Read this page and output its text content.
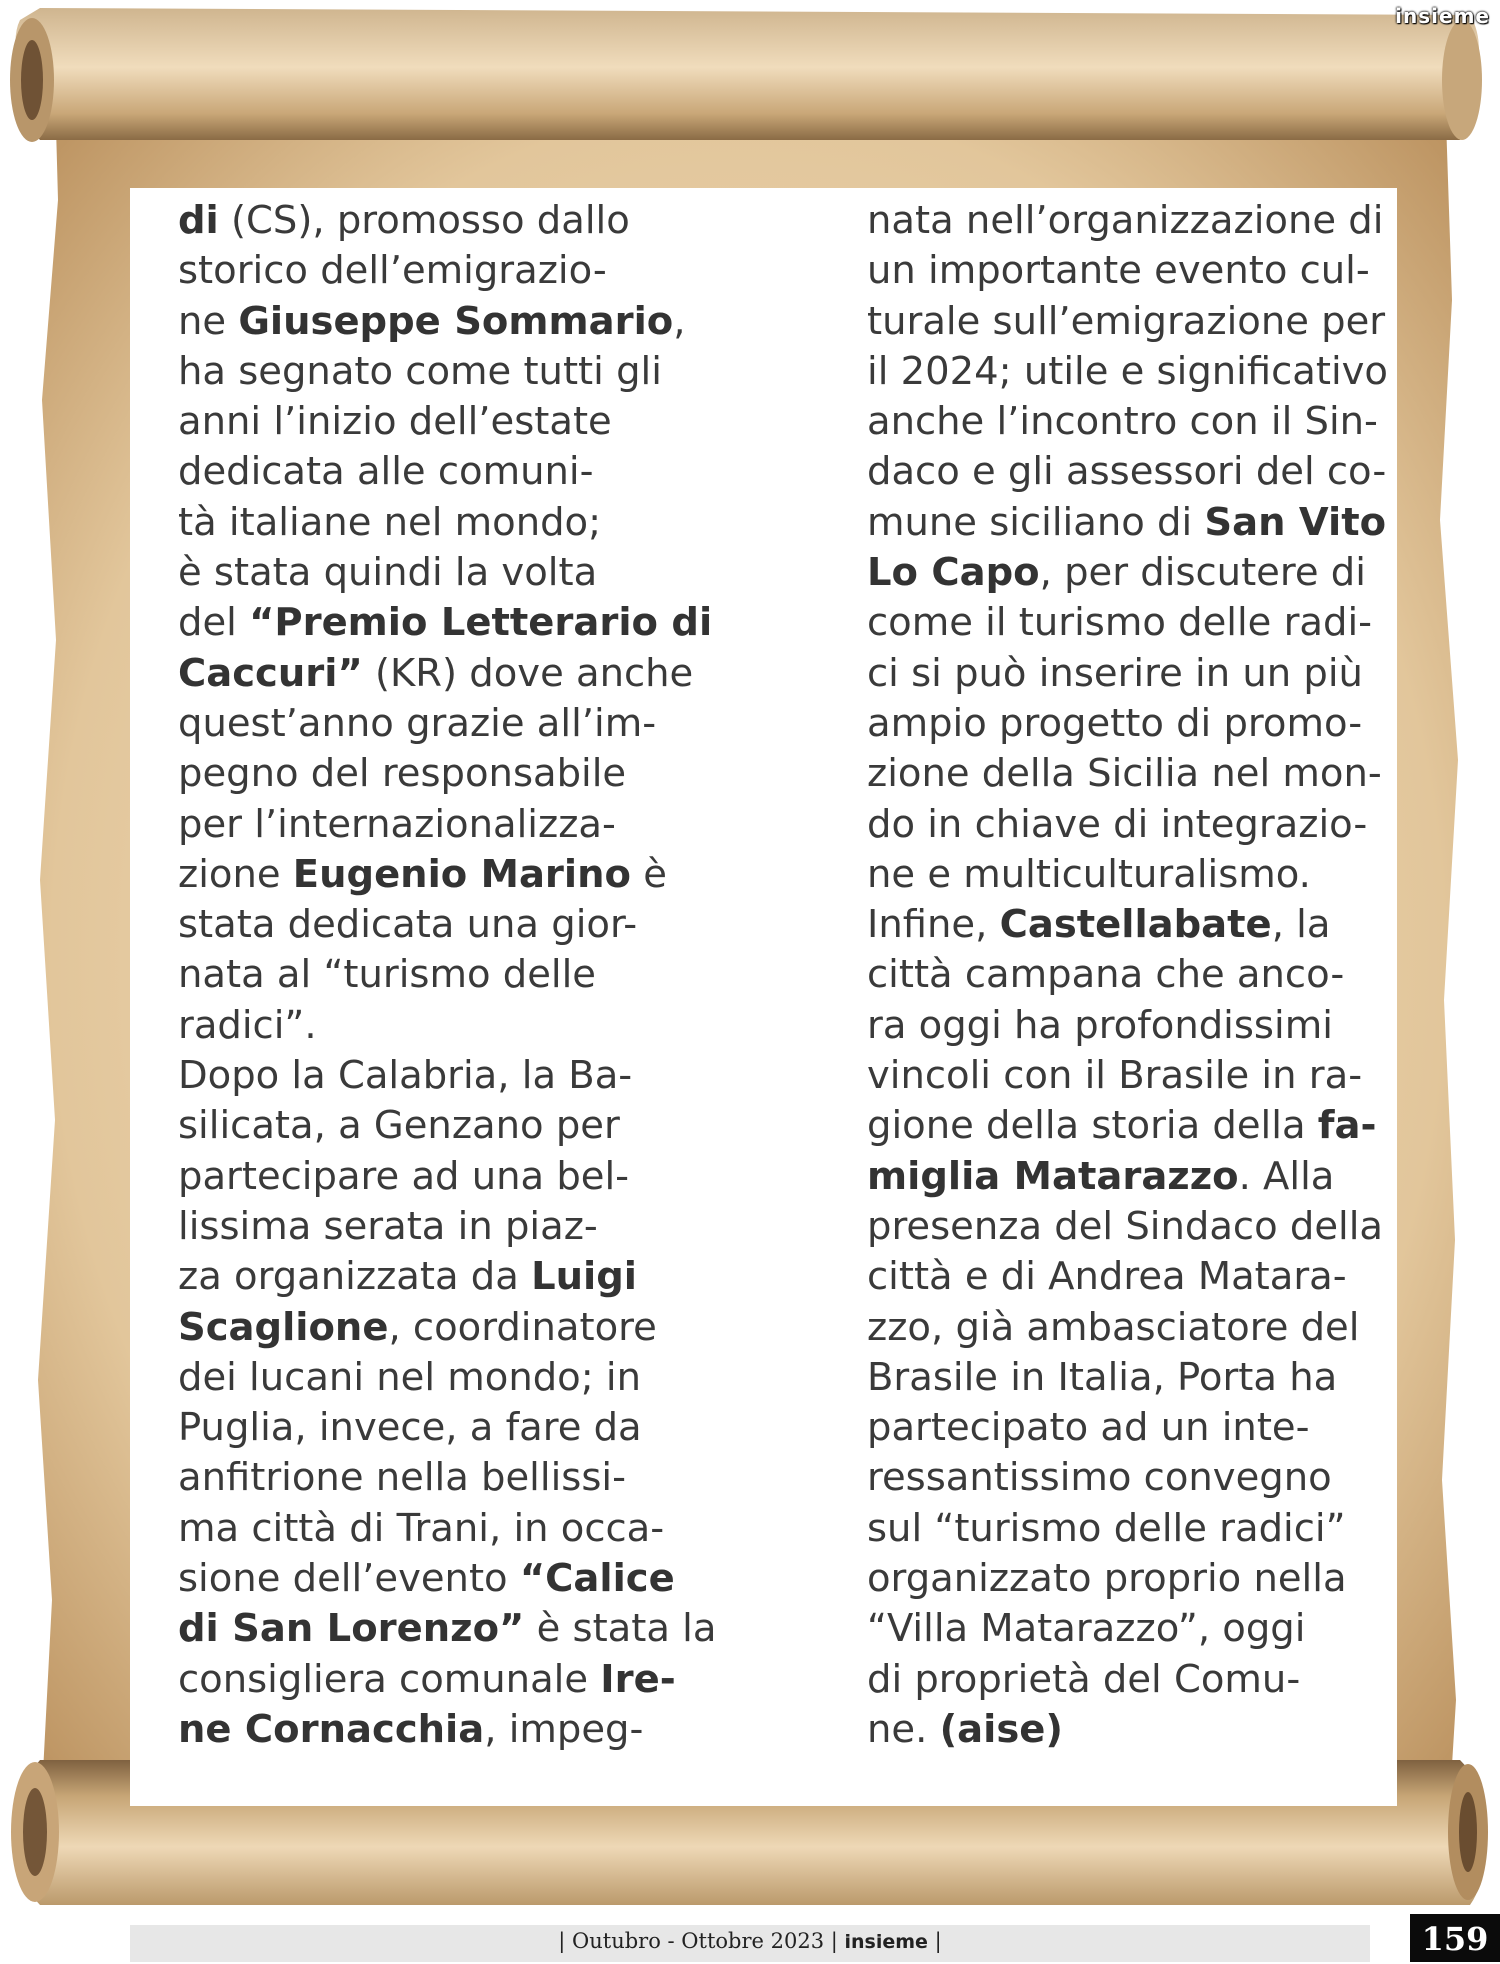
insieme
di (CS), promosso dallo
storico dell’emigrazio-
ne Giuseppe Sommario,
ha segnato come tutti gli
anni l’inizio dell’estate
dedicata alle comuni-
tà italiane nel mondo;
è stata quindi la volta
del “Premio Letterario di
Caccuri” (KR) dove anche
quest’anno grazie all’im-
pegno del responsabile
per l’internazionalizza-
zione Eugenio Marino è
stata dedicata una gior-
nata al “turismo delle
radici”.
Dopo la Calabria, la Ba-
silicata, a Genzano per
partecipare ad una bel-
lissima serata in piaz-
za organizzata da Luigi
Scaglione, coordinatore
dei lucani nel mondo; in
Puglia, invece, a fare da
anfitrione nella bellissi-
ma città di Trani, in occa-
sione dell’evento “Calice
di San Lorenzo” è stata la
consigliera comunale Ire-
ne Cornacchia, impeg-
nata nell’organizzazione di
un importante evento cul-
turale sull’emigrazione per
il 2024; utile e significativo
anche l’incontro con il Sin-
daco e gli assessori del co-
mune siciliano di San Vito
Lo Capo, per discutere di
come il turismo delle radi-
ci si può inserire in un più
ampio progetto di promo-
zione della Sicilia nel mon-
do in chiave di integrazio-
ne e multiculturalismo.
Infine, Castellabate, la
città campana che anco-
ra oggi ha profondissimi
vincoli con il Brasile in ra-
gione della storia della fa-
miglia Matarazzo. Alla
presenza del Sindaco della
città e di Andrea Matara-
zzo, già ambasciatore del
Brasile in Italia, Porta ha
partecipato ad un inte-
ressantissimo convegno
sul “turismo delle radici”
organizzato proprio nella
“Villa Matarazzo”, oggi
di proprietà del Comu-
ne. (aise)
| Outubro - Ottobre 2023 | insieme |	159
